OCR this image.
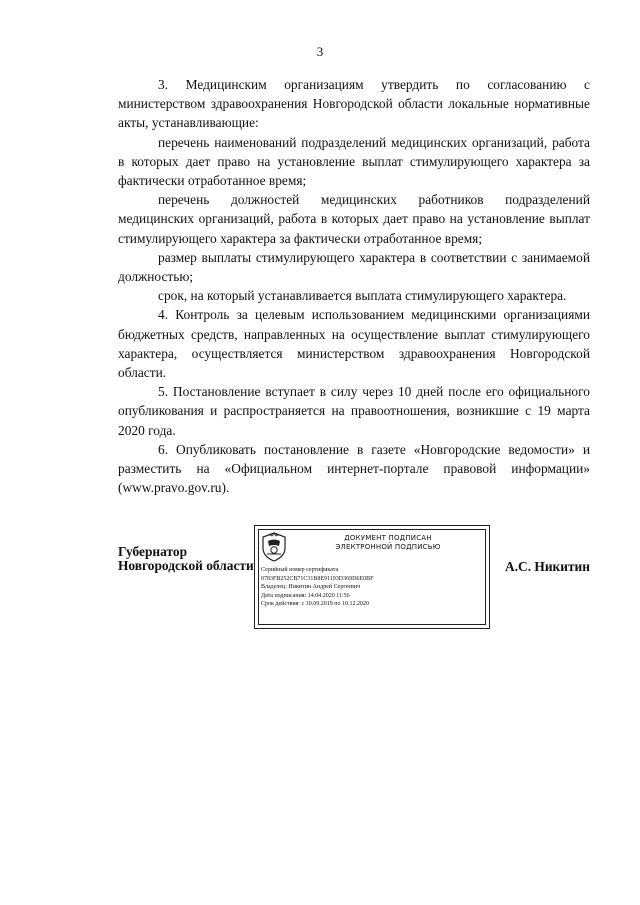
3

3. Медицинским организациям утвердить по согласованию с министерством здравоохранения Новгородской области локальные нормативные акты, устанавливающие:

перечень наименований подразделений медицинских организаций, работа в которых дает право на установление выплат стимулирующего характера за фактически отработанное время;

перечень должностей медицинских работников подразделений медицинских организаций, работа в которых дает право на установление выплат стимулирующего характера за фактически отработанное время;

размер выплаты стимулирующего характера в соответствии с занимаемой должностью;

срок, на который устанавливается выплата стимулирующего характера.

4. Контроль за целевым использованием медицинскими организациями бюджетных средств, направленных на осуществление выплат стимулирующего характера, осуществляется министерством здравоохранения Новгородской области.

5. Постановление вступает в силу через 10 дней после его официального опубликования и распространяется на правоотношения, возникшие с 19 марта 2020 года.

6. Опубликовать постановление в газете «Новгородские ведомости» и разместить на «Официальном интернет-портале правовой информации» (www.pravo.gov.ru).

Губернатор
Новгородской области
ДОКУМЕНТ ПОДПИСАН
ЭЛЕКТРОННОЙ ПОДПИСЬЮ
Серийный номер сертификата
0783FB252CB71C31B8E91193D369D6E0BF
Владелец: Никитин Андрей Сергеевич
Дата подписания: 14.04.2020 11:56
Срок действия: с 10.09.2019 по 10.12.2020
А.С. Никитин
